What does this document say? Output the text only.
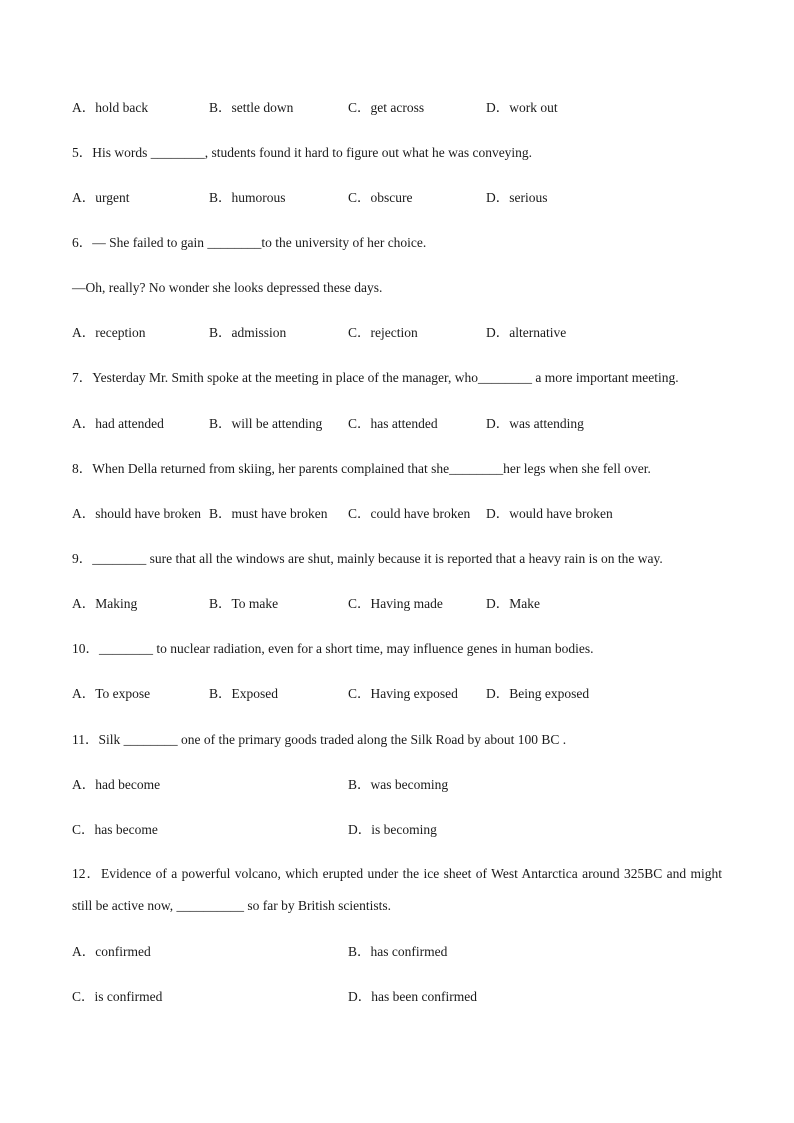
A．hold back	B．settle down	C．get across	D．work out
5．His words ________, students found it hard to figure out what he was conveying.
A．urgent	B．humorous	C．obscure	D．serious
6．— She failed to gain ________to the university of her choice.
—Oh, really? No wonder she looks depressed these days.
A．reception	B．admission	C．rejection	D．alternative
7．Yesterday Mr. Smith spoke at the meeting in place of the manager, who________ a more important meeting.
A．had attended	B．will be attending C．has attended	D．was attending
8．When Della returned from skiing, her parents complained that she________her legs when she fell over.
A．should have broken B．must have broken C．could have broken D．would have broken
9．________ sure that all the windows are shut, mainly because it is reported that a heavy rain is on the way.
A．Making	B．To make	C．Having made	D．Make
10．________ to nuclear radiation, even for a short time, may influence genes in human bodies.
A．To expose	B．Exposed	C．Having exposed D．Being exposed
11．Silk ________ one of the primary goods traded along the Silk Road by about 100 BC .
A．had become	B．was becoming
C．has become	D．is becoming
12．Evidence of a powerful volcano, which erupted under the ice sheet of West Antarctica around 325BC and might still be active now, __________ so far by British scientists.
A．confirmed	B．has confirmed
C．is confirmed	D．has been confirmed
